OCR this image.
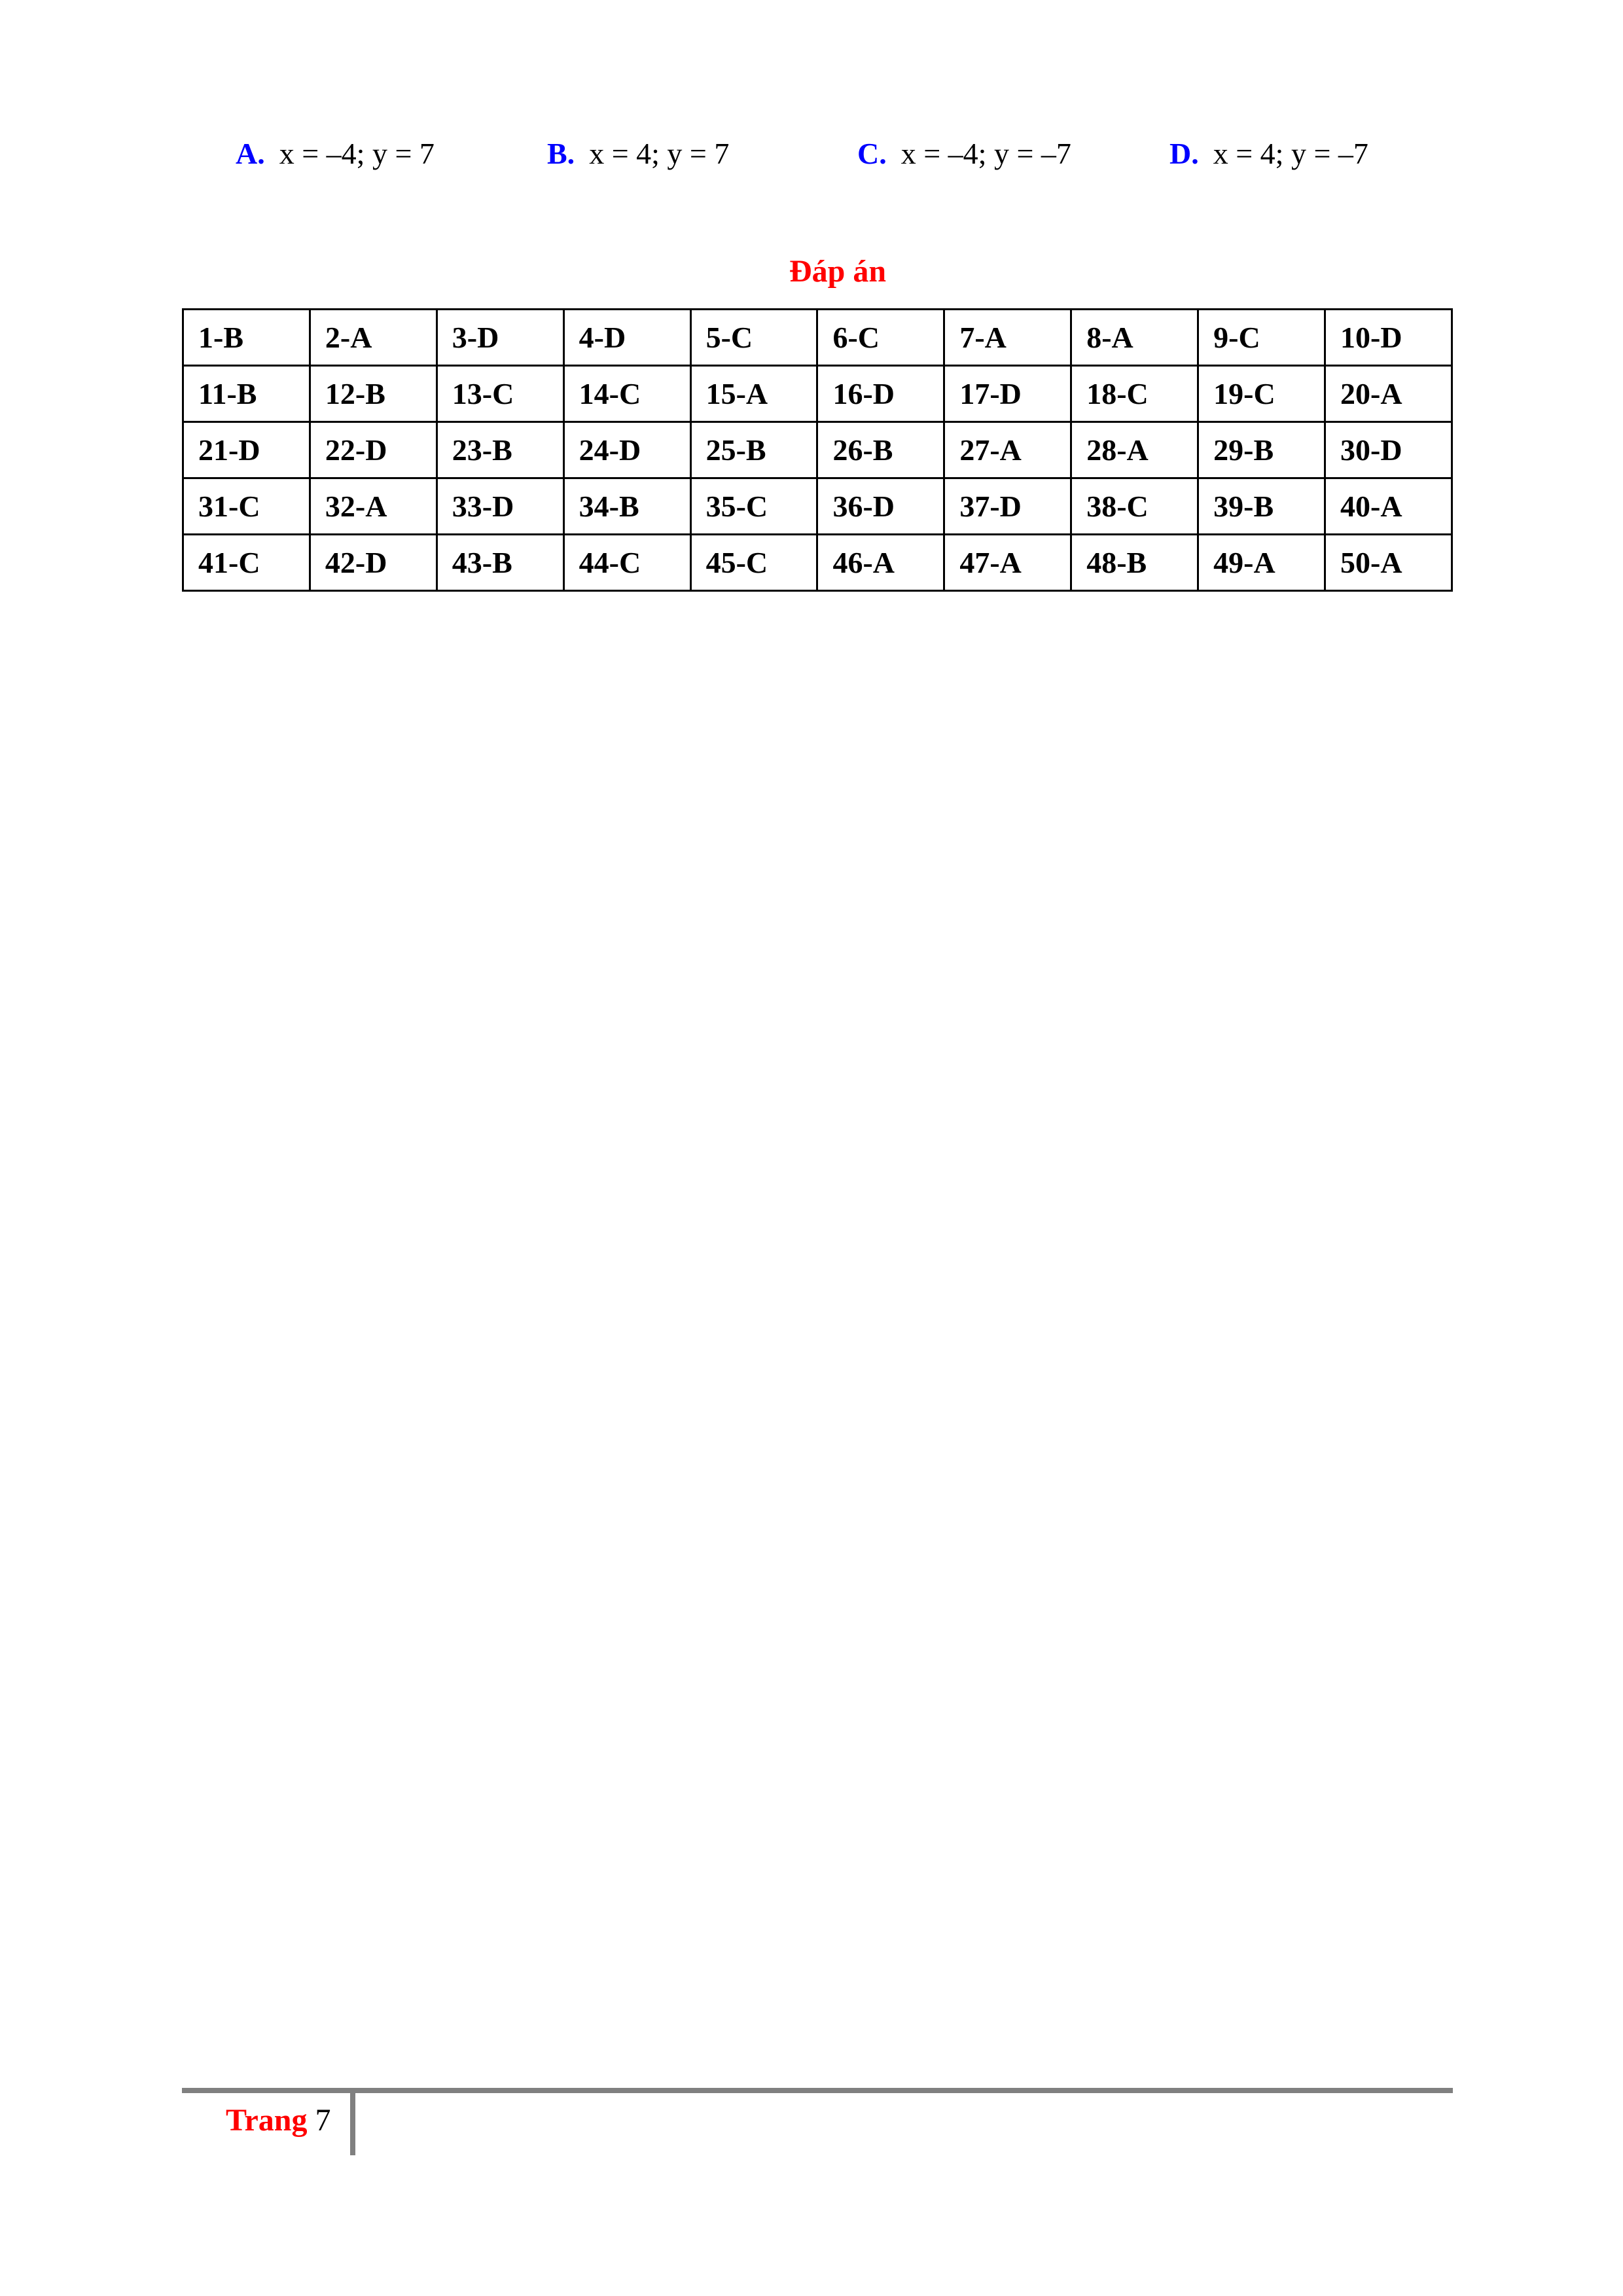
A. x = –4; y = 7	B. x = 4; y = 7	C. x = –4; y = –7	D. x = 4; y = –7
Đáp án
1-B	2-A	3-D	4-D	5-C	6-C	7-A	8-A	9-C	10-D
11-B	12-B	13-C	14-C	15-A	16-D	17-D	18-C	19-C	20-A
21-D	22-D	23-B	24-D	25-B	26-B	27-A	28-A	29-B	30-D
31-C	32-A	33-D	34-B	35-C	36-D	37-D	38-C	39-B	40-A
41-C	42-D	43-B	44-C	45-C	46-A	47-A	48-B	49-A	50-A
Trang 7
